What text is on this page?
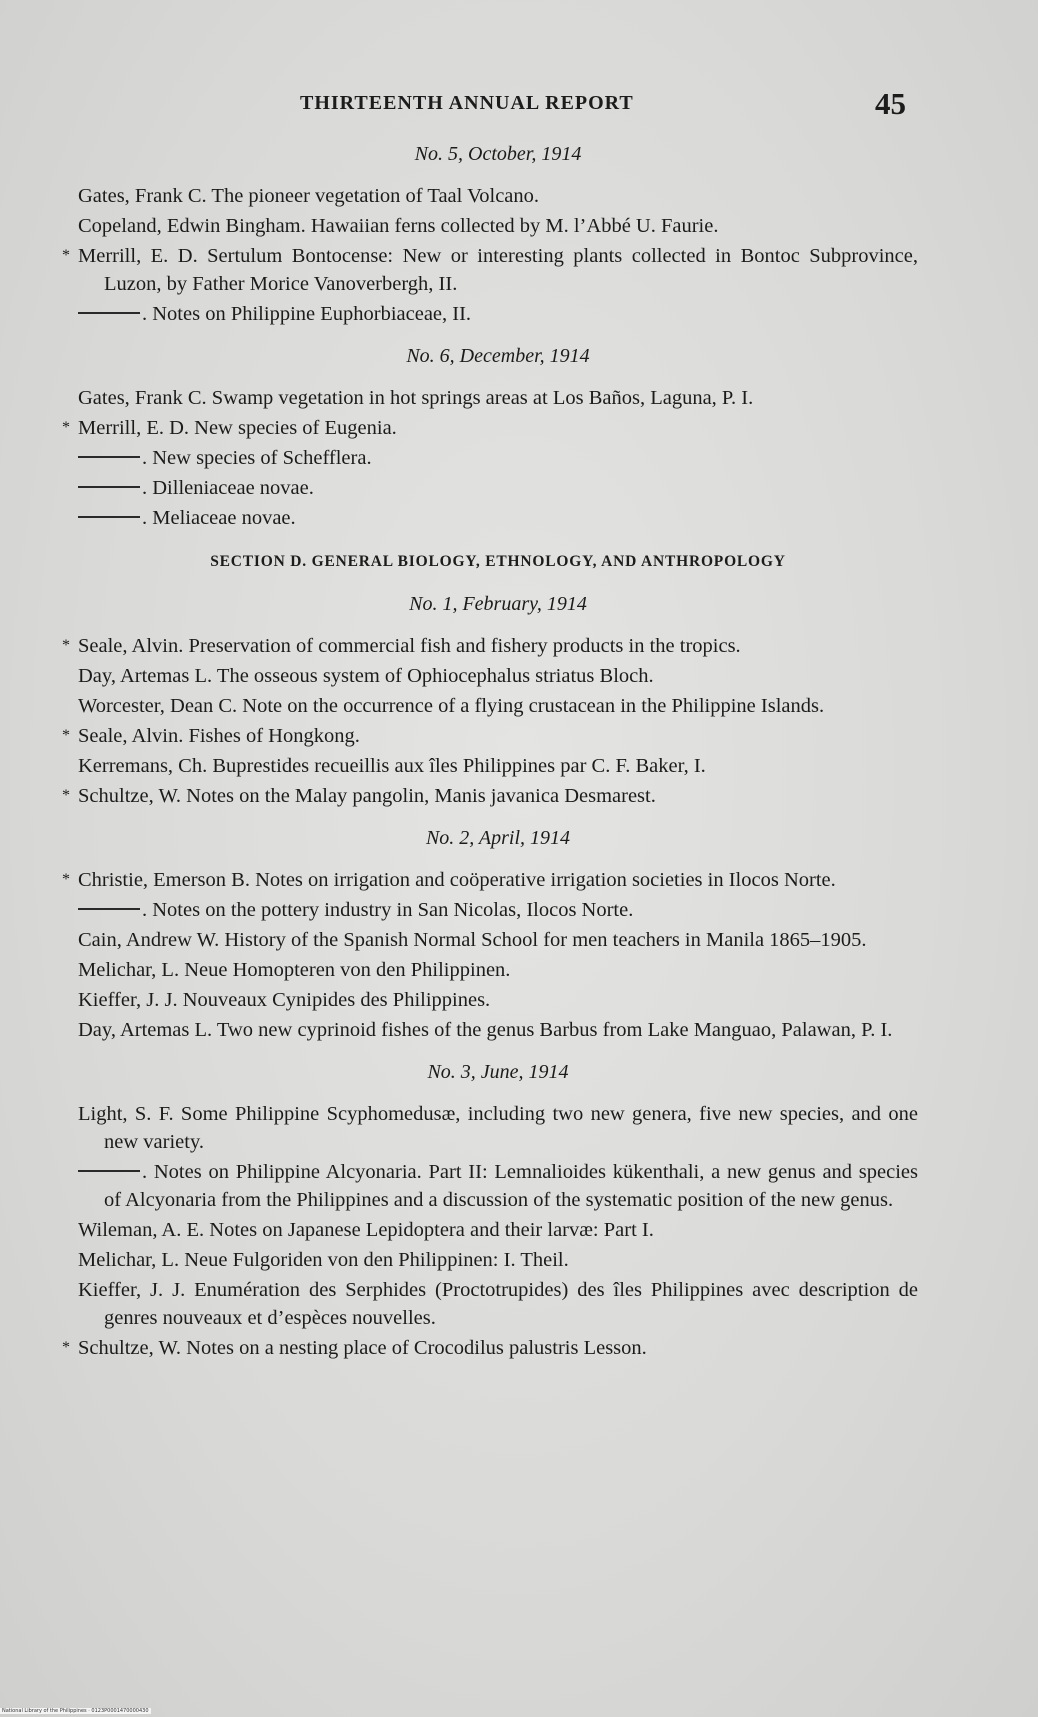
THIRTEENTH ANNUAL REPORT	45
No. 5, October, 1914
Gates, Frank C. The pioneer vegetation of Taal Volcano.
Copeland, Edwin Bingham. Hawaiian ferns collected by M. l’Abbé U. Faurie.
* Merrill, E. D. Sertulum Bontocense: New or interesting plants collected in Bontoc Subprovince, Luzon, by Father Morice Vanoverbergh, II.
. Notes on Philippine Euphorbiaceae, II.
No. 6, December, 1914
Gates, Frank C. Swamp vegetation in hot springs areas at Los Baños, Laguna, P. I.
* Merrill, E. D. New species of Eugenia.
. New species of Schefflera.
. Dilleniaceae novae.
. Meliaceae novae.
SECTION D. GENERAL BIOLOGY, ETHNOLOGY, AND ANTHROPOLOGY
No. 1, February, 1914
* Seale, Alvin. Preservation of commercial fish and fishery products in the tropics.
Day, Artemas L. The osseous system of Ophiocephalus striatus Bloch.
Worcester, Dean C. Note on the occurrence of a flying crustacean in the Philippine Islands.
* Seale, Alvin. Fishes of Hongkong.
Kerremans, Ch. Buprestides recueillis aux îles Philippines par C. F. Baker, I.
* Schultze, W. Notes on the Malay pangolin, Manis javanica Desmarest.
No. 2, April, 1914
* Christie, Emerson B. Notes on irrigation and coöperative irrigation societies in Ilocos Norte.
. Notes on the pottery industry in San Nicolas, Ilocos Norte.
Cain, Andrew W. History of the Spanish Normal School for men teachers in Manila 1865–1905.
Melichar, L. Neue Homopteren von den Philippinen.
Kieffer, J. J. Nouveaux Cynipides des Philippines.
Day, Artemas L. Two new cyprinoid fishes of the genus Barbus from Lake Manguao, Palawan, P. I.
No. 3, June, 1914
Light, S. F. Some Philippine Scyphomedusæ, including two new genera, five new species, and one new variety.
. Notes on Philippine Alcyonaria. Part II: Lemnalioides kükenthali, a new genus and species of Alcyonaria from the Philippines and a discussion of the systematic position of the new genus.
Wileman, A. E. Notes on Japanese Lepidoptera and their larvæ: Part I.
Melichar, L. Neue Fulgoriden von den Philippinen: I. Theil.
Kieffer, J. J. Enumération des Serphides (Proctotrupides) des îles Philippines avec description de genres nouveaux et d’espèces nouvelles.
* Schultze, W. Notes on a nesting place of Crocodilus palustris Lesson.
National Library of the Philippines · 0123P0001470000430
